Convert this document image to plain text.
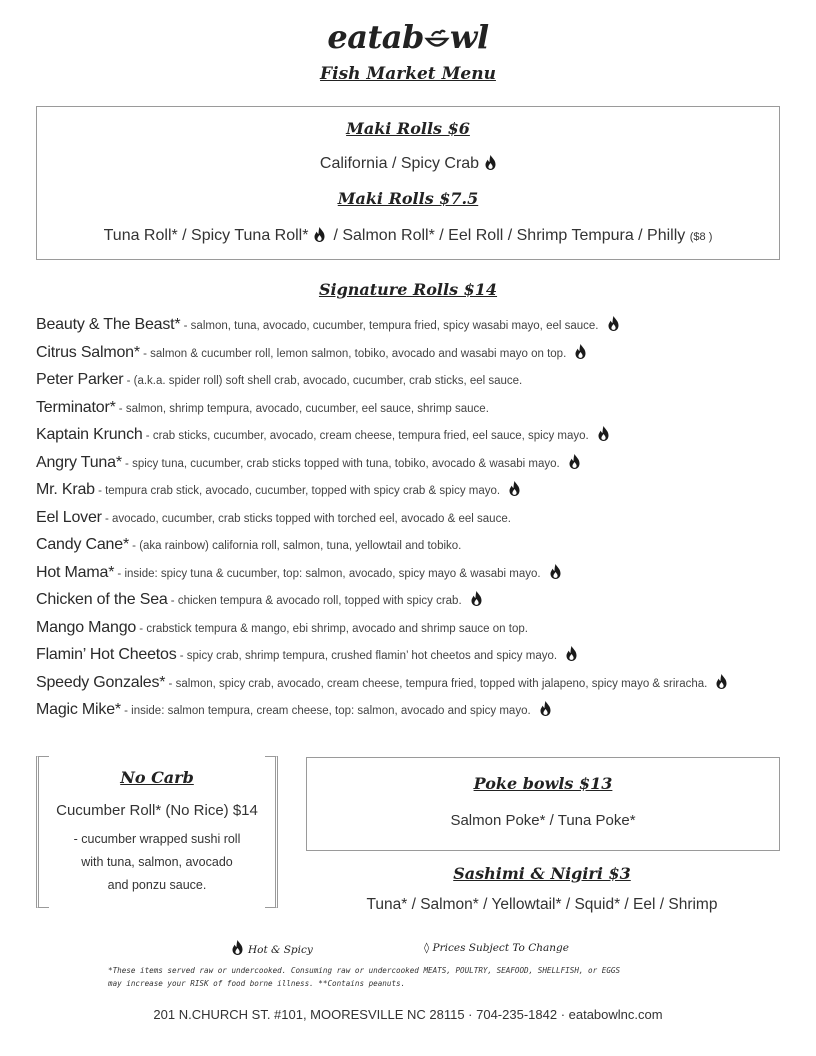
eatab wl
Fish Market Menu
Maki Rolls $6
California / Spicy Crab
Maki Rolls $7.5
Tuna Roll* / Spicy Tuna Roll* / Salmon Roll* / Eel Roll / Shrimp Tempura / Philly ($8 )
Signature Rolls $14
Beauty & The Beast* - salmon, tuna, avocado, cucumber, tempura fried, spicy wasabi mayo, eel sauce.
Citrus Salmon* - salmon & cucumber roll, lemon salmon, tobiko, avocado and wasabi mayo on top.
Peter Parker - (a.k.a. spider roll) soft shell crab, avocado, cucumber, crab sticks, eel sauce.
Terminator* - salmon, shrimp tempura, avocado, cucumber, eel sauce, shrimp sauce.
Kaptain Krunch - crab sticks, cucumber, avocado, cream cheese, tempura fried, eel sauce, spicy mayo.
Angry Tuna* - spicy tuna, cucumber, crab sticks topped with tuna, tobiko, avocado & wasabi mayo.
Mr. Krab - tempura crab stick, avocado, cucumber, topped with spicy crab & spicy mayo.
Eel Lover - avocado, cucumber, crab sticks topped with torched eel, avocado & eel sauce.
Candy Cane* - (aka rainbow) california roll, salmon, tuna, yellowtail and tobiko.
Hot Mama* - inside: spicy tuna & cucumber, top: salmon, avocado, spicy mayo & wasabi mayo.
Chicken of the Sea - chicken tempura & avocado roll, topped with spicy crab.
Mango Mango - crabstick tempura & mango, ebi shrimp, avocado and shrimp sauce on top.
Flamin’ Hot Cheetos - spicy crab, shrimp tempura, crushed flamin’ hot cheetos and spicy mayo.
Speedy Gonzales* - salmon, spicy crab, avocado, cream cheese, tempura fried, topped with jalapeno, spicy mayo & sriracha.
Magic Mike* - inside: salmon tempura, cream cheese, top: salmon, avocado and spicy mayo.
No Carb
Cucumber Roll* (No Rice) $14
- cucumber wrapped sushi roll
with tuna, salmon, avocado
and ponzu sauce.
Poke bowls $13
Salmon Poke* / Tuna Poke*
Sashimi & Nigiri $3
Tuna* / Salmon* / Yellowtail* / Squid* / Eel / Shrimp
Hot & Spicy	◊ Prices Subject To Change
*These items served raw or undercooked. Consuming raw or undercooked MEATS, POULTRY, SEAFOOD, SHELLFISH, or EGGS
may increase your RISK of food borne illness. **Contains peanuts.
201 N.CHURCH ST. #101, MOORESVILLE NC 28115 · 704-235-1842 · eatabowlnc.com
